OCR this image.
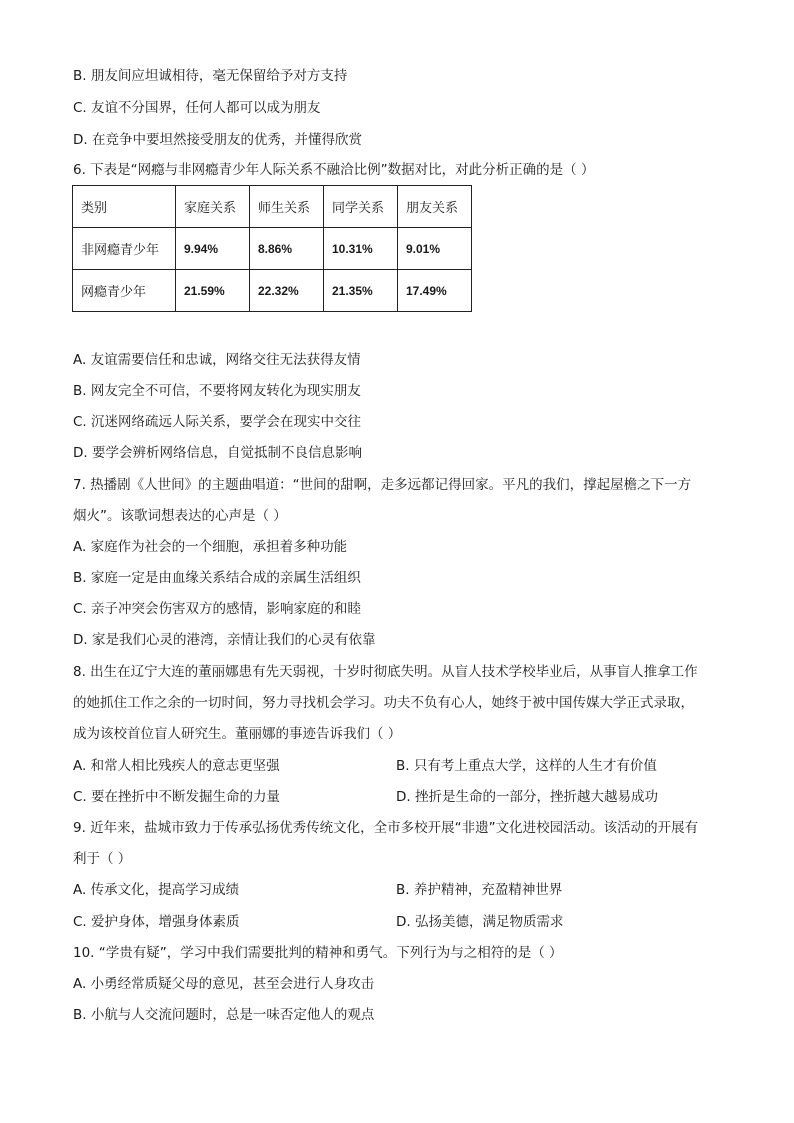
B. 朋友间应坦诚相待，毫无保留给予对方支持
C. 友谊不分国界，任何人都可以成为朋友
D. 在竞争中要坦然接受朋友的优秀，并懂得欣赏
6. 下表是“网瘾与非网瘾青少年人际关系不融洽比例”数据对比，对此分析正确的是（ ）
类别	家庭关系	师生关系	同学关系	朋友关系
非网瘾青少年	9.94%	8.86%	10.31%	9.01%
网瘾青少年	21.59%	22.32%	21.35%	17.49%
A. 友谊需要信任和忠诚，网络交往无法获得友情
B. 网友完全不可信，不要将网友转化为现实朋友
C. 沉迷网络疏远人际关系，要学会在现实中交往
D. 要学会辨析网络信息，自觉抵制不良信息影响
7. 热播剧《人世间》的主题曲唱道：“世间的甜啊，走多远都记得回家。平凡的我们，撑起屋檐之下一方
烟火”。该歌词想表达的心声是（ ）
A. 家庭作为社会的一个细胞，承担着多种功能
B. 家庭一定是由血缘关系结合成的亲属生活组织
C. 亲子冲突会伤害双方的感情，影响家庭的和睦
D. 家是我们心灵的港湾，亲情让我们的心灵有依靠
8. 出生在辽宁大连的董丽娜患有先天弱视，十岁时彻底失明。从盲人技术学校毕业后，从事盲人推拿工作
的她抓住工作之余的一切时间，努力寻找机会学习。功夫不负有心人，她终于被中国传媒大学正式录取，
成为该校首位盲人研究生。董丽娜的事迹告诉我们（ ）
A. 和常人相比残疾人的意志更坚强	B. 只有考上重点大学，这样的人生才有价值
C. 要在挫折中不断发掘生命的力量	D. 挫折是生命的一部分，挫折越大越易成功
9. 近年来，盐城市致力于传承弘扬优秀传统文化，全市多校开展“非遗”文化进校园活动。该活动的开展有
利于（ ）
A. 传承文化，提高学习成绩	B. 养护精神，充盈精神世界
C. 爱护身体，增强身体素质	D. 弘扬美德，满足物质需求
10. “学贵有疑”，学习中我们需要批判的精神和勇气。下列行为与之相符的是（ ）
A. 小勇经常质疑父母的意见，甚至会进行人身攻击
B. 小航与人交流问题时，总是一味否定他人的观点
